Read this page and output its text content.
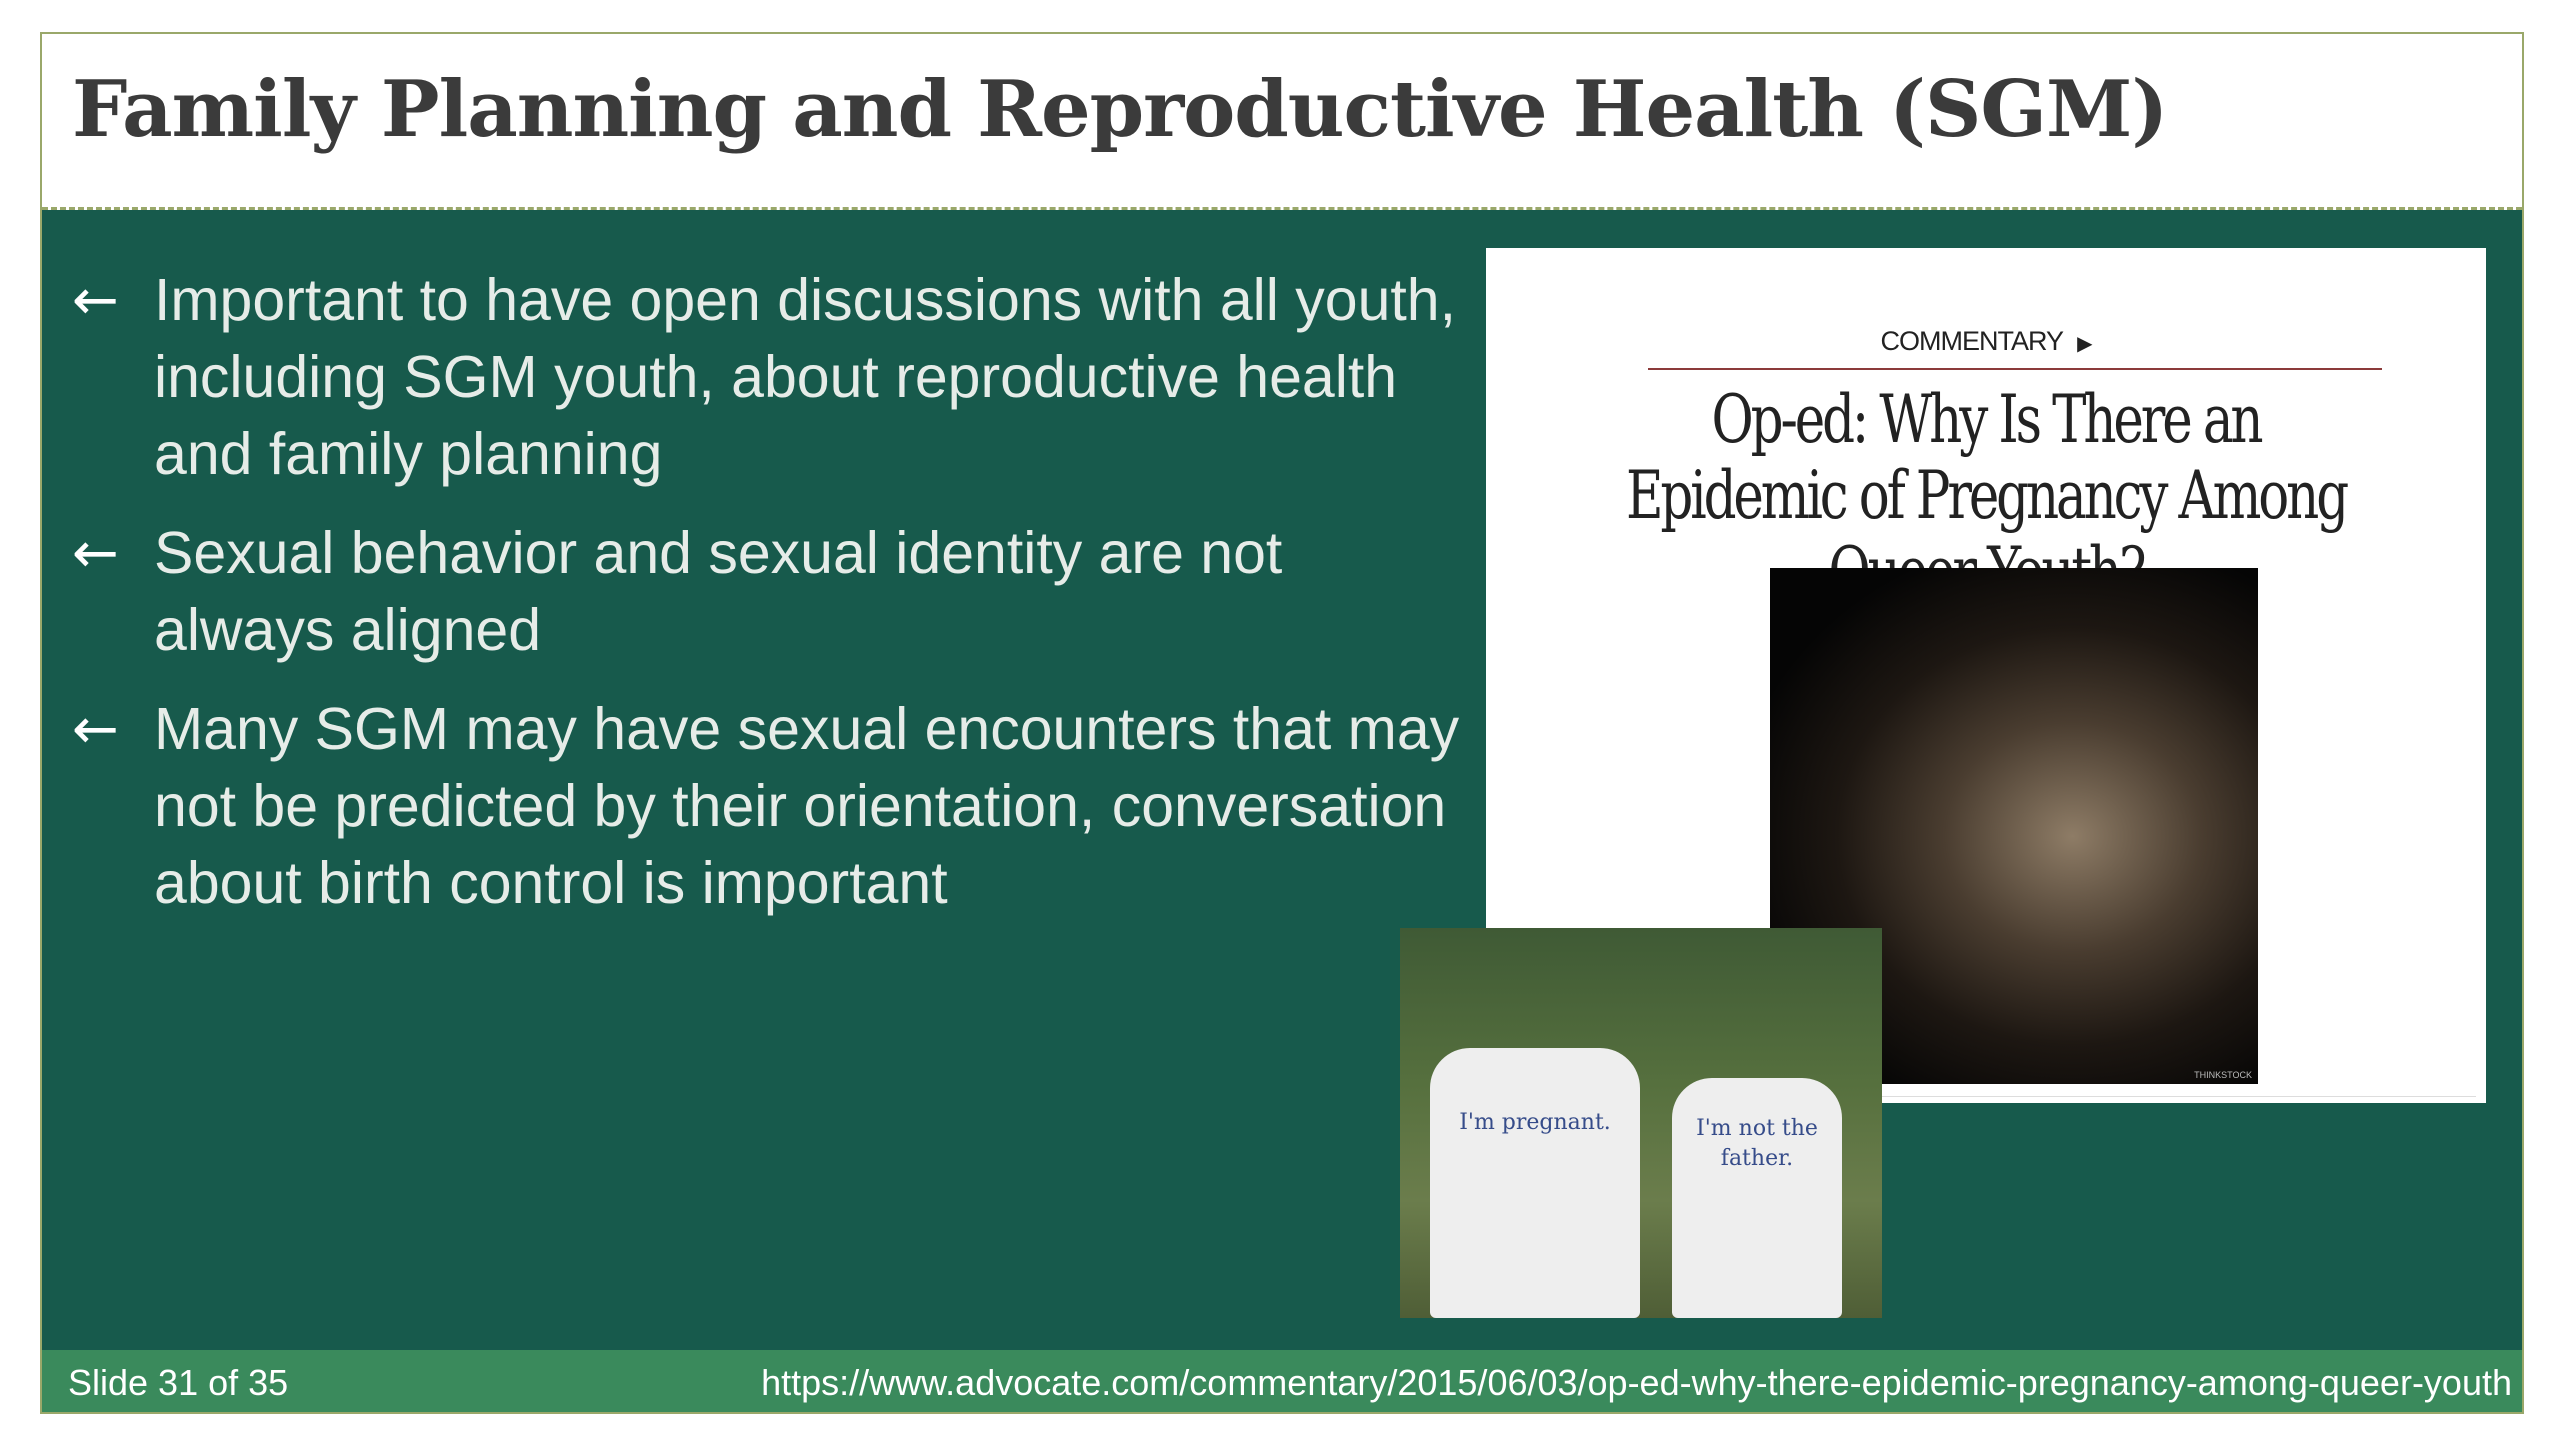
Family Planning and Reproductive Health (SGM)
← Important to have open discussions with all youth, including SGM youth, about reproductive health and family planning
← Sexual behavior and sexual identity are not always aligned
← Many SGM may have sexual encounters that may not be predicted by their orientation, conversation about birth control is important
COMMENTARY ▶
Op-ed: Why Is There an Epidemic of Pregnancy Among
THINKSTOCK
I'm pregnant.	I'm not the father.
Slide 31 of 35	https://www.advocate.com/commentary/2015/06/03/op-ed-why-there-epidemic-pregnancy-among-queer-youth
